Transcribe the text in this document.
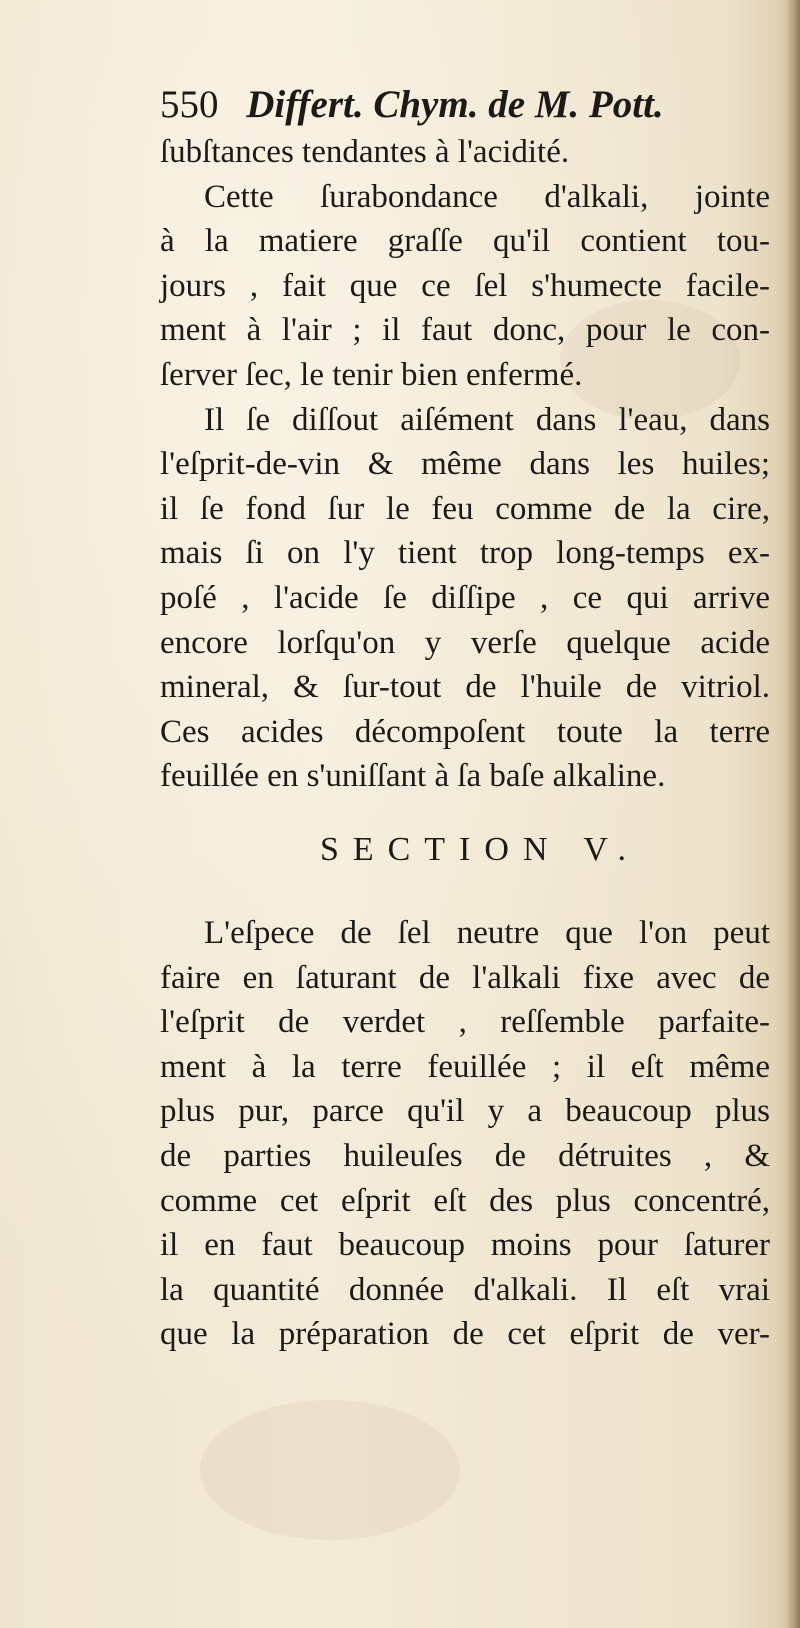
550 Differt. Chym. de M. Pott.
ſubſtances tendantes à l'acidité.
Cette ſurabondance d'alkali, jointe
à la matiere graſſe qu'il contient tou-
jours , fait que ce ſel s'humecte facile-
ment à l'air ; il faut donc, pour le con-
ſerver ſec, le tenir bien enfermé.
Il ſe diſſout aiſément dans l'eau, dans
l'eſprit-de-vin & même dans les huiles;
il ſe fond ſur le feu comme de la cire,
mais ſi on l'y tient trop long-temps ex-
poſé , l'acide ſe diſſipe , ce qui arrive
encore lorſqu'on y verſe quelque acide
mineral, & ſur-tout de l'huile de vitriol.
Ces acides décompoſent toute la terre
feuillée en s'uniſſant à ſa baſe alkaline.
SECTION V.
L'eſpece de ſel neutre que l'on peut
faire en ſaturant de l'alkali fixe avec de
l'eſprit de verdet , reſſemble parfaite-
ment à la terre feuillée ; il eſt même
plus pur, parce qu'il y a beaucoup plus
de parties huileuſes de détruites , &
comme cet eſprit eſt des plus concentré,
il en faut beaucoup moins pour ſaturer
la quantité donnée d'alkali. Il eſt vrai
que la préparation de cet eſprit de ver-
